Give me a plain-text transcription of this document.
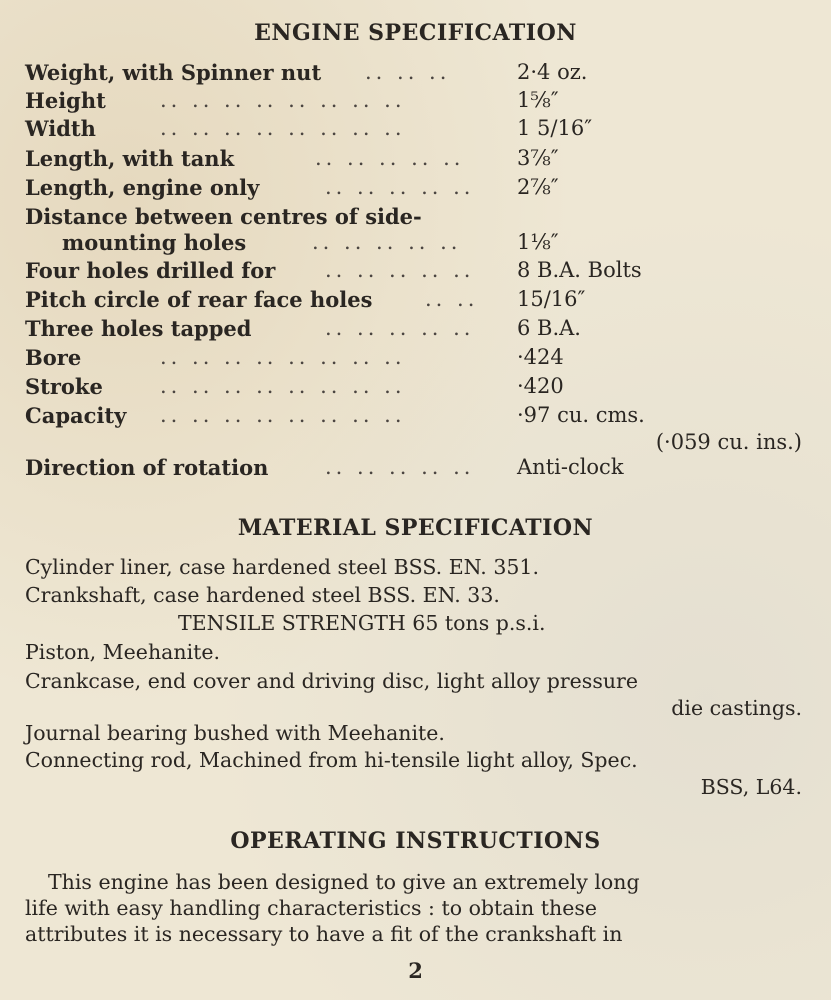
ENGINE SPECIFICATION
Weight, with Spinner nut .. .. ..	2·4 oz.
Height	.. .. .. .. .. .. .. ..	1⅝″
Width	.. .. .. .. .. .. .. ..	1 5/16″
Length, with tank	.. .. .. .. ..	3⅞″
Length, engine only	.. .. .. .. .. 2⅞″
Distance between centres of side-
mounting holes	.. .. .. .. ..	1⅛″
Four holes drilled for .. .. .. .. .. 8 B.A. Bolts
Pitch circle of rear face holes	.. .. 15/16″
Three holes tapped	.. .. .. .. .. 6 B.A.
Bore	.. .. .. .. .. .. .. ..	·424
Stroke	.. .. .. .. .. .. .. ..	·420
Capacity .. .. .. .. .. .. .. ..	·97 cu. cms.
(·059 cu. ins.)
Direction of rotation	.. .. .. .. .. Anti-clock
MATERIAL SPECIFICATION
Cylinder liner, case hardened steel BSS. EN. 351.
Crankshaft, case hardened steel BSS. EN. 33.
TENSILE STRENGTH 65 tons p.s.i.
Piston, Meehanite.
Crankcase, end cover and driving disc, light alloy pressure
die castings.
Journal bearing bushed with Meehanite.
Connecting rod, Machined from hi-tensile light alloy, Spec.
BSS, L64.
OPERATING INSTRUCTIONS
This engine has been designed to give an extremely long
life with easy handling characteristics : to obtain these
attributes it is necessary to have a fit of the crankshaft in
2
